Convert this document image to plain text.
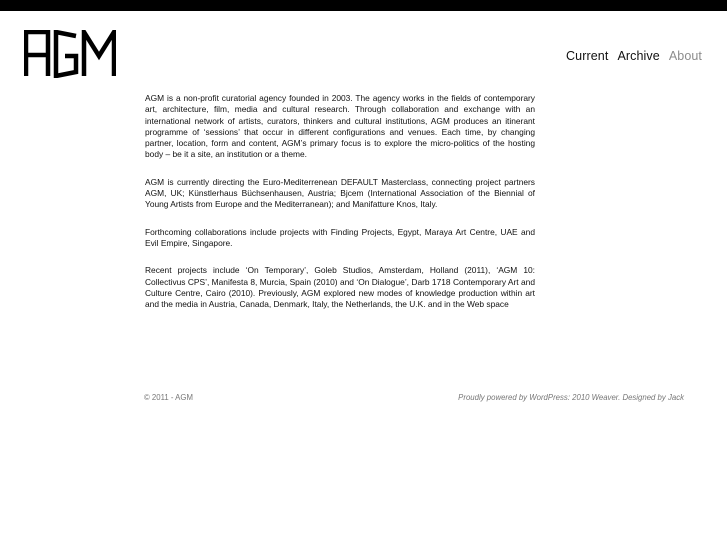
Current Archive About

AGM is a non-profit curatorial agency founded in 2003. The agency works in the fields of contemporary art, architecture, film, media and cultural research. Through collaboration and exchange with an international network of artists, curators, thinkers and cultural institutions, AGM produces an itinerant programme of ‘sessions’ that occur in different configurations and venues. Each time, by changing partner, location, form and content, AGM’s primary focus is to explore the micro-politics of the hosting body – be it a site, an institution or a theme.

AGM is currently directing the Euro-Mediterrenean DEFAULT Masterclass, connecting project partners AGM, UK; Künstlerhaus Büchsenhausen, Austria; Bjcem (International Association of the Biennial of Young Artists from Europe and the Mediterranean); and Manifatture Knos, Italy.

Forthcoming collaborations include projects with Finding Projects, Egypt, Maraya Art Centre, UAE and Evil Empire, Singapore.

Recent projects include ‘On Temporary’, Goleb Studios, Amsterdam, Holland (2011), ‘AGM 10: Collectivus CPS’, Manifesta 8, Murcia, Spain (2010) and ‘On Dialogue’, Darb 1718 Contemporary Art and Culture Centre, Cairo (2010). Previously, AGM explored new modes of knowledge production within art and the media in Austria, Canada, Denmark, Italy, the Netherlands, the U.K. and in the Web space

© 2011 - AGM	Proudly powered by WordPress: 2010 Weaver. Designed by Jack
